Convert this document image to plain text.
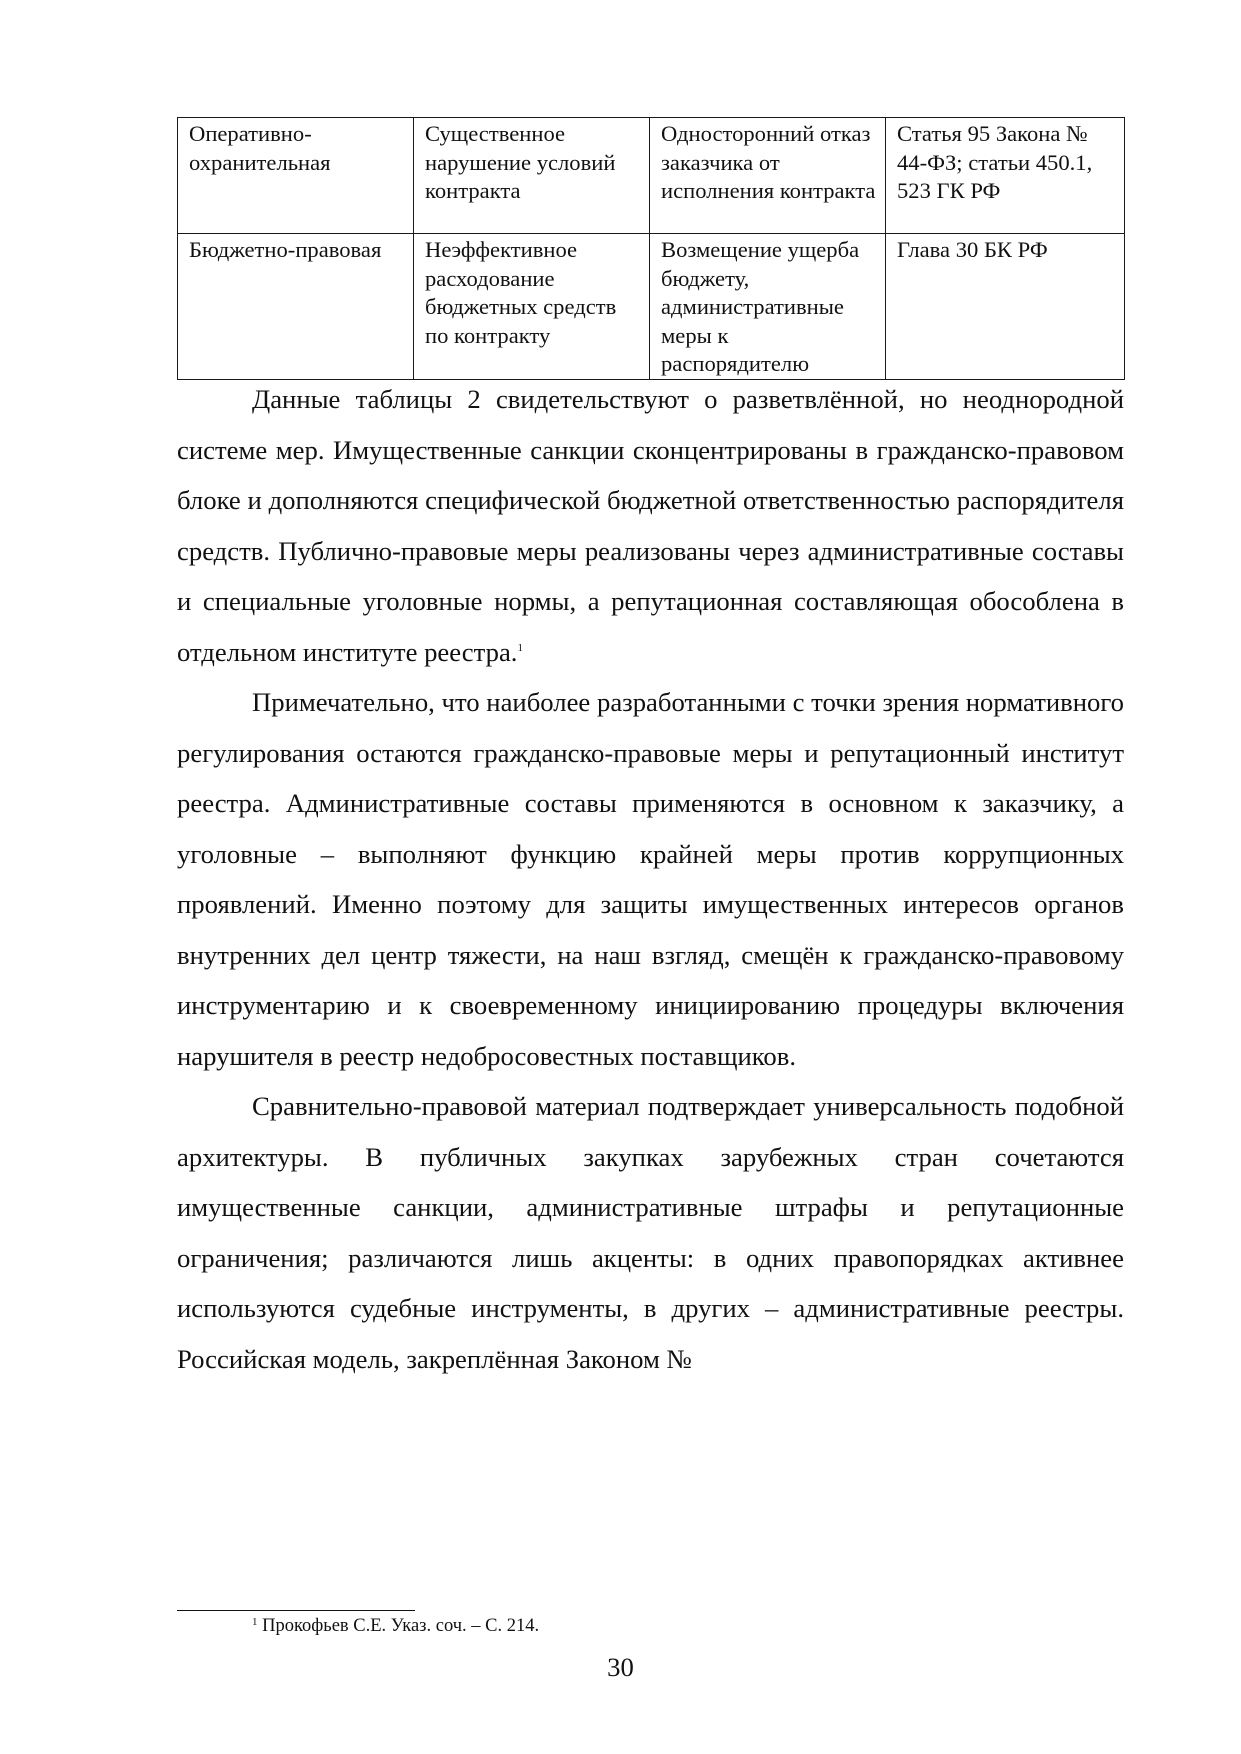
Оперативно-охранительная	Существенное нарушение условий контракта	Односторонний отказ заказчика от исполнения контракта	Статья 95 Закона № 44-ФЗ; статьи 450.1, 523 ГК РФ
Бюджетно-правовая	Неэффективное расходование бюджетных средств по контракту	Возмещение ущерба бюджету, административные меры к распорядителю	Глава 30 БК РФ

Данные таблицы 2 свидетельствуют о разветвлённой, но неоднородной системе мер. Имущественные санкции сконцентрированы в гражданско-правовом блоке и дополняются специфической бюджетной ответственностью распорядителя средств. Публично-правовые меры реализованы через административные составы и специальные уголовные нормы, а репутационная составляющая обособлена в отдельном институте реестра.$^1$

Примечательно, что наиболее разработанными с точки зрения нормативного регулирования остаются гражданско-правовые меры и репутационный институт реестра. Административные составы применяются в основном к заказчику, а уголовные – выполняют функцию крайней меры против коррупционных проявлений. Именно поэтому для защиты имущественных интересов органов внутренних дел центр тяжести, на наш взгляд, смещён к гражданско-правовому инструментарию и к своевременному инициированию процедуры включения нарушителя в реестр недобросовестных поставщиков.

Сравнительно-правовой материал подтверждает универсальность подобной архитектуры. В публичных закупках зарубежных стран сочетаются имущественные санкции, административные штрафы и репутационные ограничения; различаются лишь акценты: в одних правопорядках активнее используются судебные инструменты, в других – административные реестры. Российская модель, закреплённая Законом №

$^1$ Прокофьев С.Е. Указ. соч. – С. 214.
30
